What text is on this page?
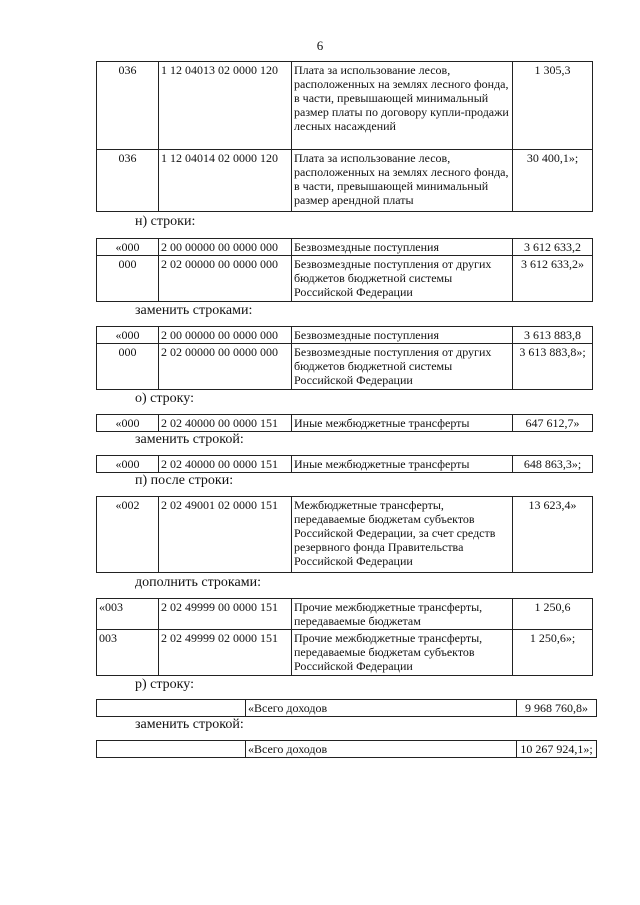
6
036	1 12 04013 02 0000 120	Плата за использование лесов, расположенных на землях лесного фонда, в части, превышающей минимальный размер платы по договору купли-продажи лесных насаждений	1 305,3
036	1 12 04014 02 0000 120	Плата за использование лесов, расположенных на землях лесного фонда, в части, превышающей минимальный размер арендной платы	30 400,1»;
н) строки:
«000	2 00 00000 00 0000 000	Безвозмездные поступления	3 612 633,2
000	2 02 00000 00 0000 000	Безвозмездные поступления от других бюджетов бюджетной системы Российской Федерации	3 612 633,2»
заменить строками:
«000	2 00 00000 00 0000 000	Безвозмездные поступления	3 613 883,8
000	2 02 00000 00 0000 000	Безвозмездные поступления от других бюджетов бюджетной системы Российской Федерации	3 613 883,8»;
о) строку:
«000	2 02 40000 00 0000 151	Иные межбюджетные трансферты	647 612,7»
заменить строкой:
«000	2 02 40000 00 0000 151	Иные межбюджетные трансферты	648 863,3»;
п) после строки:
«002	2 02 49001 02 0000 151	Межбюджетные трансферты, передаваемые бюджетам субъектов Российской Федерации, за счет средств резервного фонда Правительства Российской Федерации	13 623,4»
дополнить строками:
«003	2 02 49999 00 0000 151	Прочие межбюджетные трансферты, передаваемые бюджетам	1 250,6
003	2 02 49999 02 0000 151	Прочие межбюджетные трансферты, передаваемые бюджетам субъектов Российской Федерации	1 250,6»;
р) строку:
	«Всего доходов	9 968 760,8»
заменить строкой:
	«Всего доходов	10 267 924,1»;
